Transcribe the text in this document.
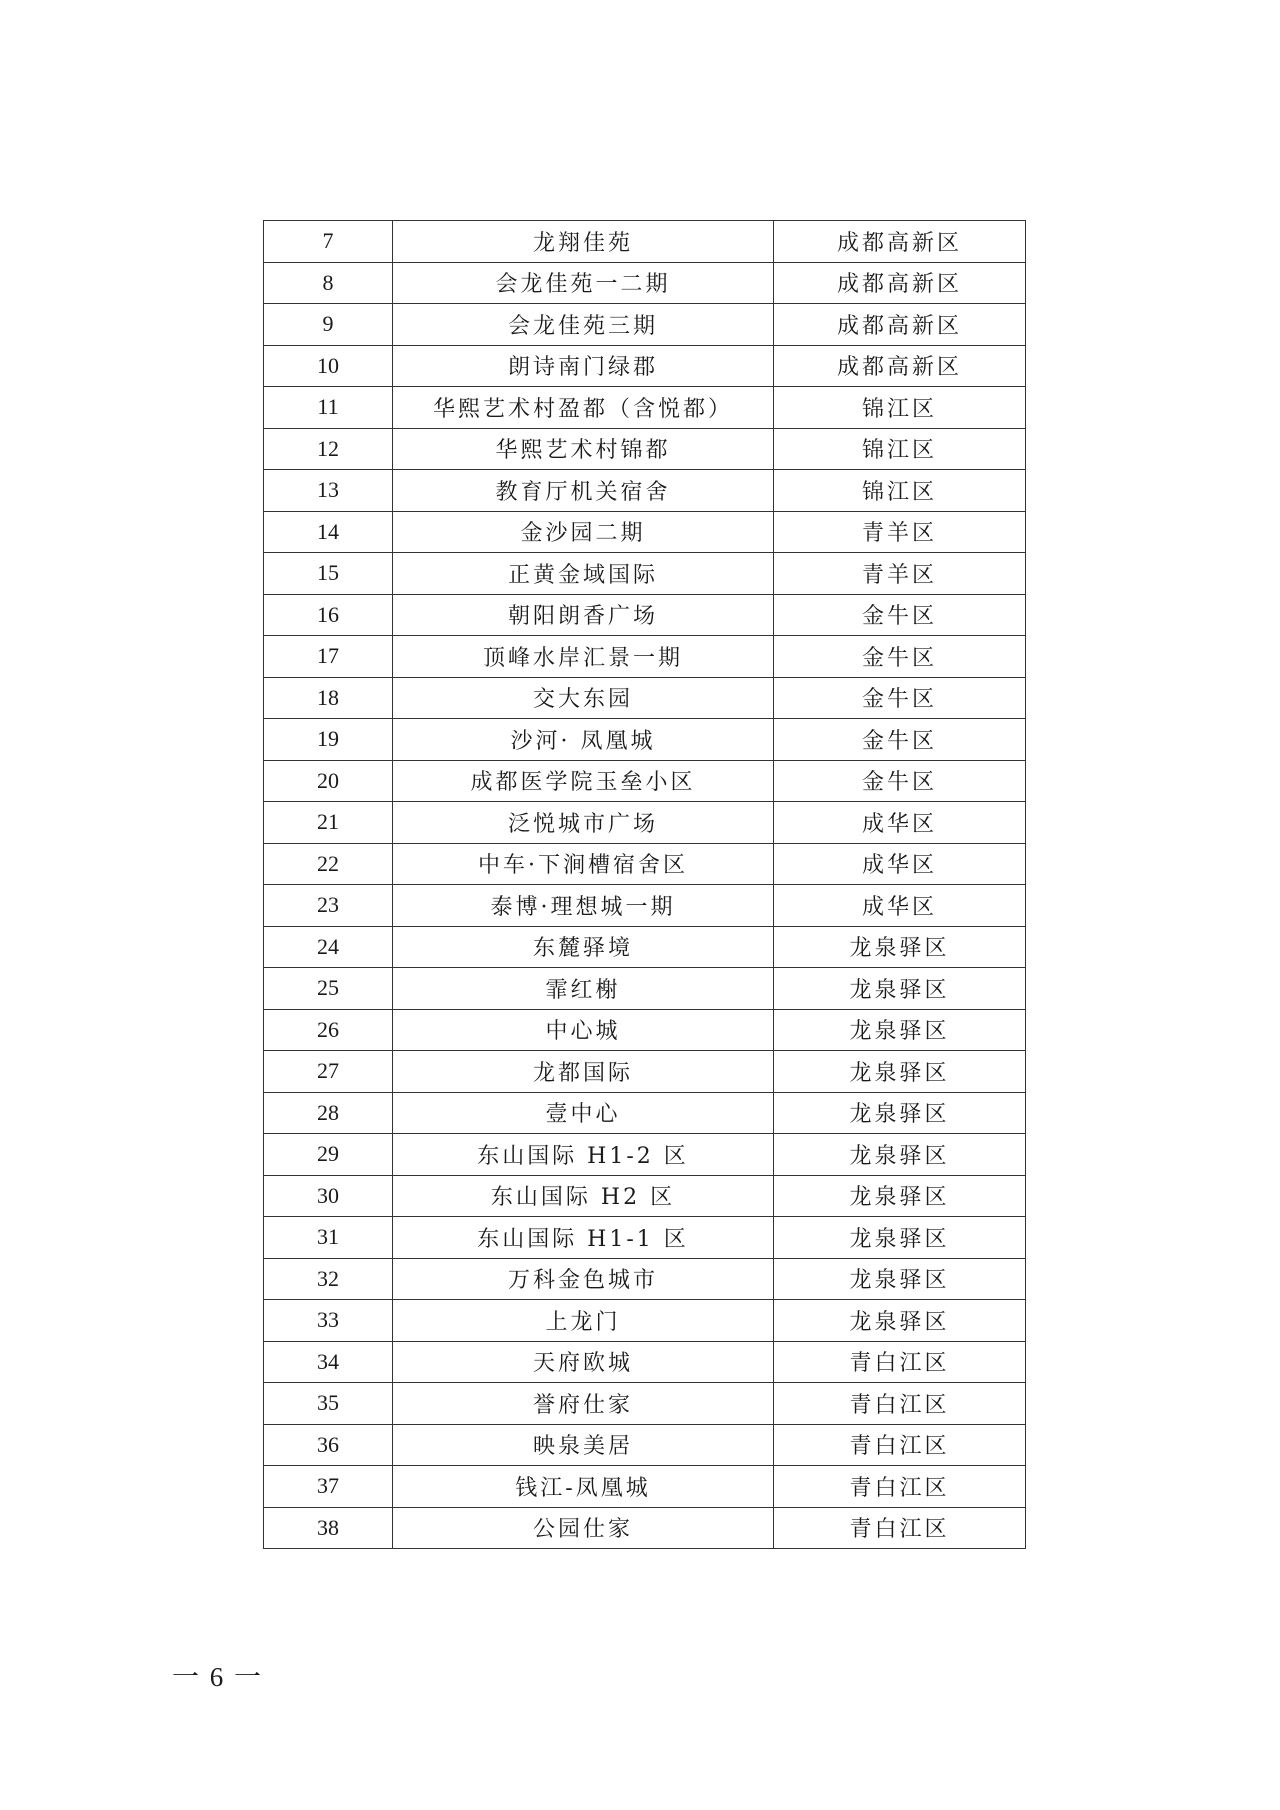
7	龙翔佳苑	成都高新区
8	会龙佳苑一二期	成都高新区
9	会龙佳苑三期	成都高新区
10	朗诗南门绿郡	成都高新区
11	华熙艺术村盈都（含悦都）	锦江区
12	华熙艺术村锦都	锦江区
13	教育厅机关宿舍	锦江区
14	金沙园二期	青羊区
15	正黄金域国际	青羊区
16	朝阳朗香广场	金牛区
17	顶峰水岸汇景一期	金牛区
18	交大东园	金牛区
19	沙河· 凤凰城	金牛区
20	成都医学院玉垒小区	金牛区
21	泛悦城市广场	成华区
22	中车·下涧槽宿舍区	成华区
23	泰博·理想城一期	成华区
24	东麓驿境	龙泉驿区
25	霏红榭	龙泉驿区
26	中心城	龙泉驿区
27	龙都国际	龙泉驿区
28	壹中心	龙泉驿区
29	东山国际 H1-2 区	龙泉驿区
30	东山国际 H2 区	龙泉驿区
31	东山国际 H1-1 区	龙泉驿区
32	万科金色城市	龙泉驿区
33	上龙门	龙泉驿区
34	天府欧城	青白江区
35	誉府仕家	青白江区
36	映泉美居	青白江区
37	钱江-凤凰城	青白江区
38	公园仕家	青白江区
一 6 一
